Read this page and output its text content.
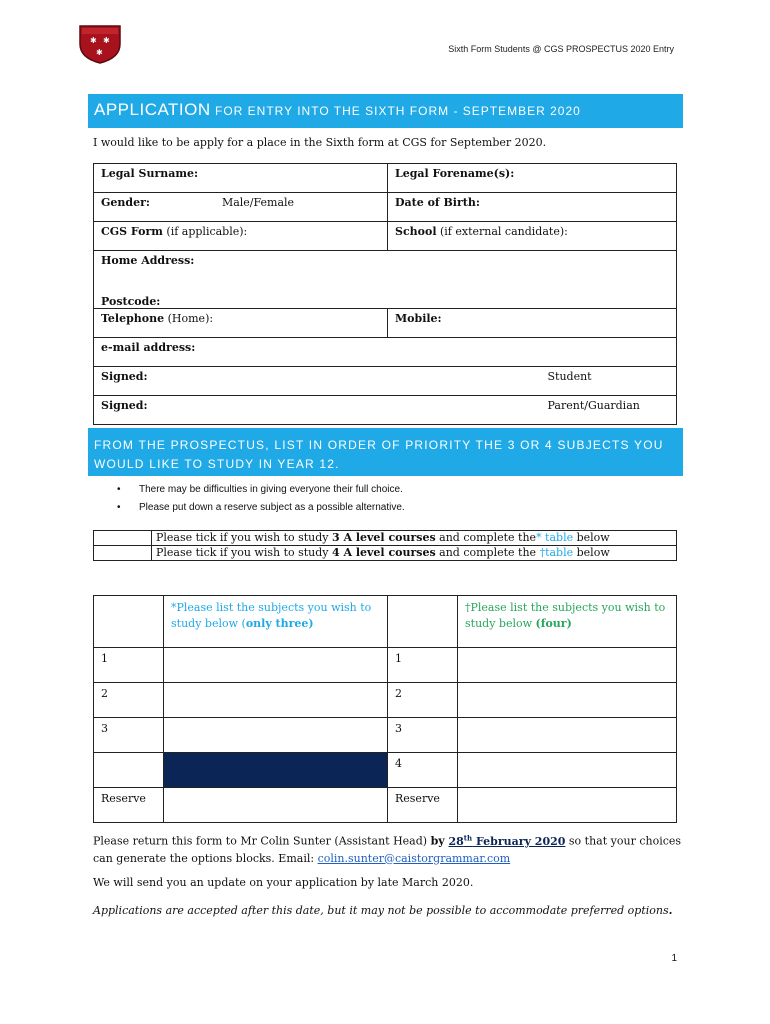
✱ ✱
✱	Sixth Form Students @ CGS PROSPECTUS 2020 Entry
APPLICATION FOR ENTRY INTO THE SIXTH FORM - SEPTEMBER 2020
I would like to be apply for a place in the Sixth form at CGS for September 2020.
Legal Surname:	Legal Forename(s):
Gender: Male/Female	Date of Birth:
CGS Form (if applicable):	School (if external candidate):
Home Address:
Postcode:	

Telephone (Home):	Mobile:
e-mail address:	
Signed: Student	

Signed: Parent/Guardian	
FROM THE PROSPECTUS, LIST IN ORDER OF PRIORITY THE 3 OR 4 SUBJECTS YOU WOULD LIKE TO STUDY IN YEAR 12.
• There may be difficulties in giving everyone their full choice.
• Please put down a reserve subject as a possible alternative.
	Please tick if you wish to study 3 A level courses and complete the* table below
	Please tick if you wish to study 4 A level courses and complete the †table below
	*Please list the subjects you wish to study below (only three)		†Please list the subjects you wish to study below (four)
1		1	
2		2	
3		3	
		4	
Reserve		Reserve	
Please return this form to Mr Colin Sunter (Assistant Head) by 28th February 2020 so that your choices can generate the options blocks. Email: colin.sunter@caistorgrammar.com
We will send you an update on your application by late March 2020.
Applications are accepted after this date, but it may not be possible to accommodate preferred options.
1
